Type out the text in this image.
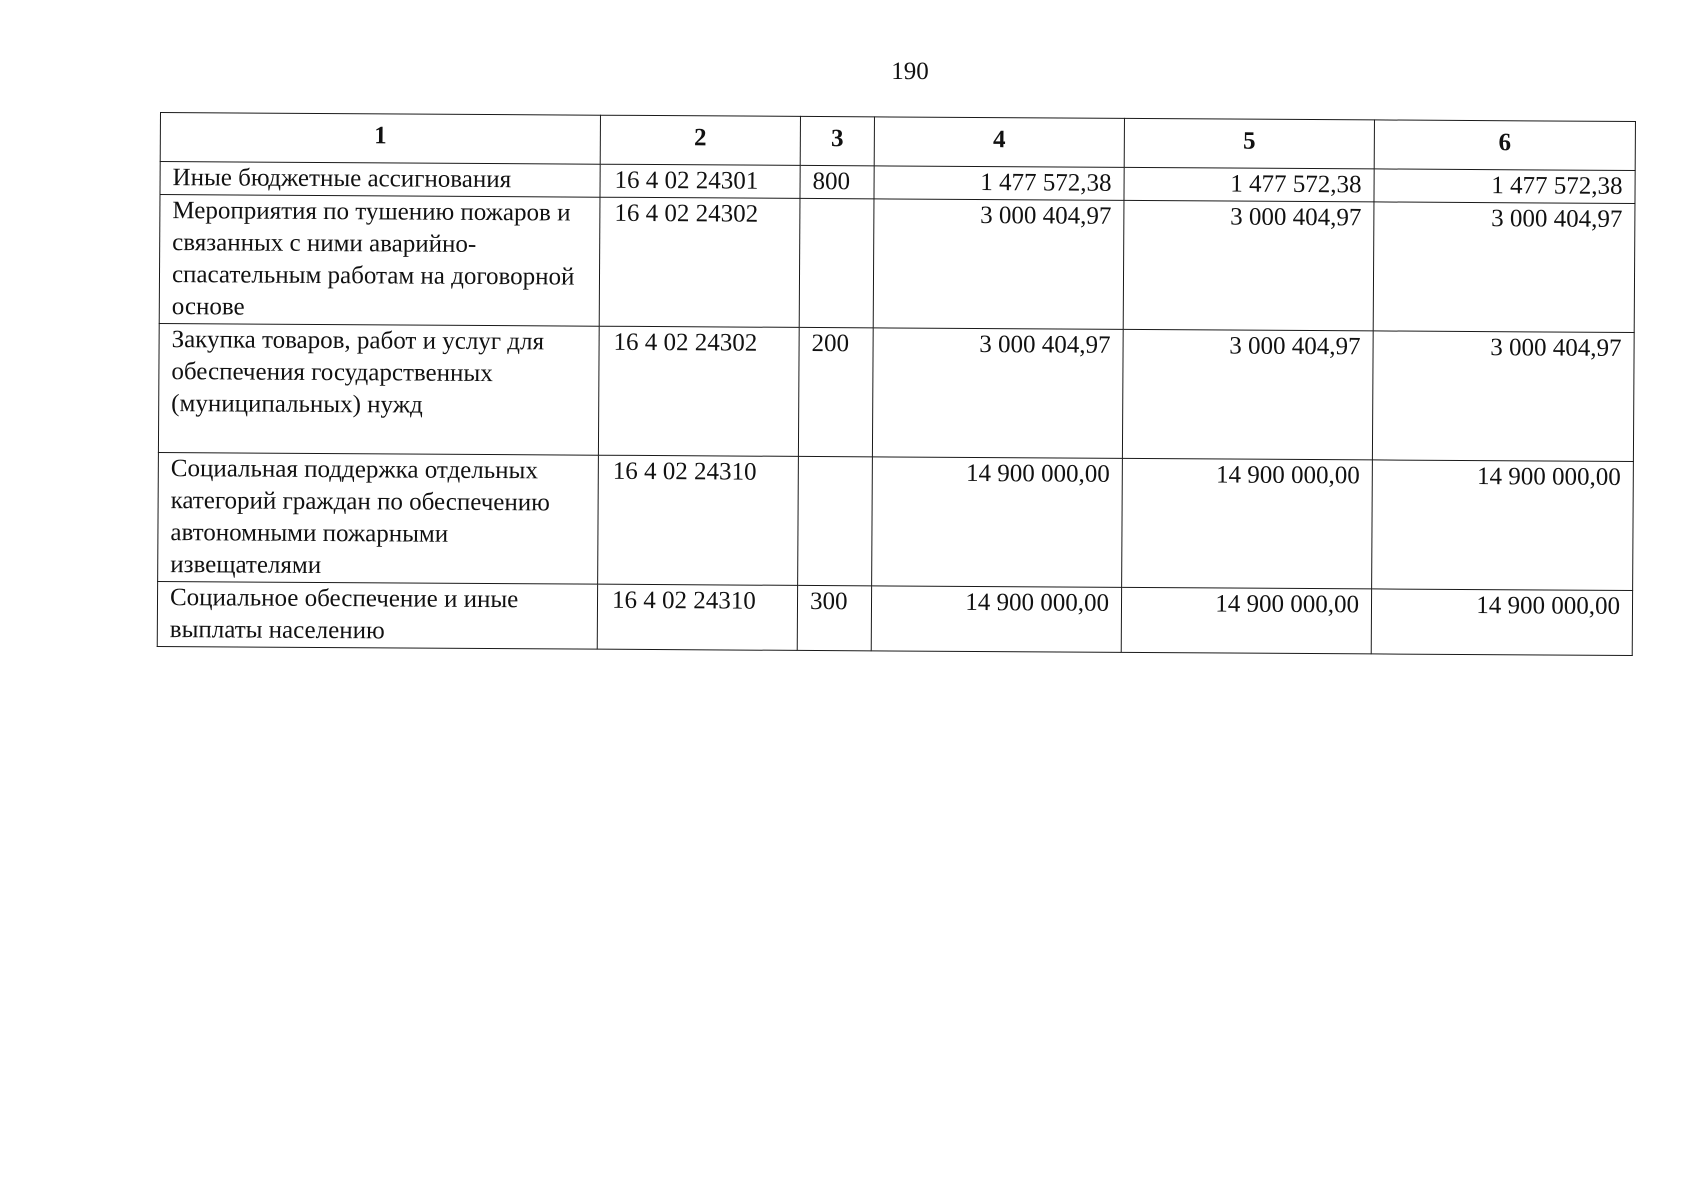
190
1	2	3	4	5	6
Иные бюджетные ассигнования	16 4 02 24301	800	1 477 572,38	1 477 572,38	1 477 572,38
Мероприятия по тушению пожаров и связанных с ними аварийно-спасательным работам на договорной основе	16 4 02 24302		3 000 404,97	3 000 404,97	3 000 404,97
Закупка товаров, работ и услуг для обеспечения государственных (муниципальных) нужд	16 4 02 24302	200	3 000 404,97	3 000 404,97	3 000 404,97
Социальная поддержка отдельных категорий граждан по обеспечению автономными пожарными извещателями	16 4 02 24310		14 900 000,00	14 900 000,00	14 900 000,00
Социальное обеспечение и иные выплаты населению	16 4 02 24310	300	14 900 000,00	14 900 000,00	14 900 000,00
